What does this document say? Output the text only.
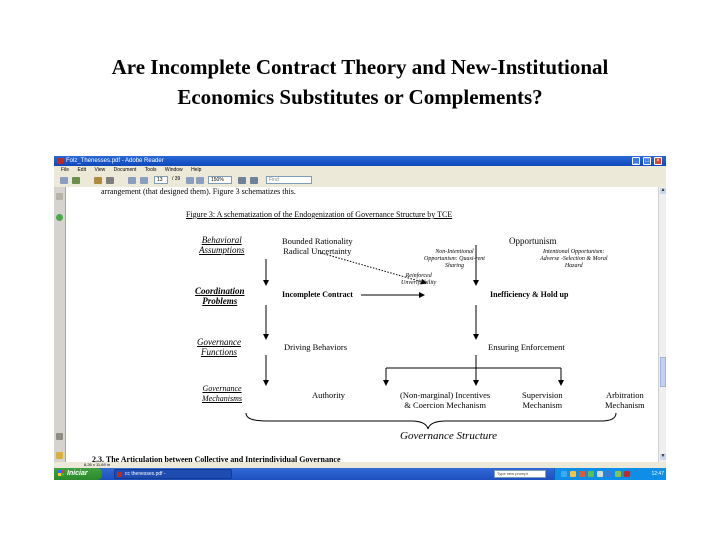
Are Incomplete Contract Theory and New-Institutional
Economics Substitutes or Complements?
Folz_Thenesses.pdf - Adobe Reader	_	□	×
File Edit View Document Tools Window Help
13	/ 39	150%	Find
arrangement (that designed them). Figure 3 schematizes this.
Figure 3: A schematization of the Endogenization of Governance Structure by TCE
Behavioral
Assumptions
Coordination
Problems
Governance
Functions
Governance
Mechanisms
Bounded Rationality
Radical Uncertainty
Opportunism
Non-Intentional
Opportunism: Quasi-rent
Sharing
Intentional Opportunism:
Adverse -Selection & Moral
Hazard
Reinforced
Unverifiability
Incomplete Contract	Inefficiency & Hold up
Driving Behaviors	Ensuring Enforcement
Authority	(Non-marginal) Incentives
& Coercion Mechanism
Supervision
Mechanism
Arbitration
Mechanism
Governance Structure
2.3. The Articulation between Collective and Interindividual Governance
▲
▼
8,26 x 11,69 in
Iniciar	cc thenesses.pdf -	Type new prompt	12:47
